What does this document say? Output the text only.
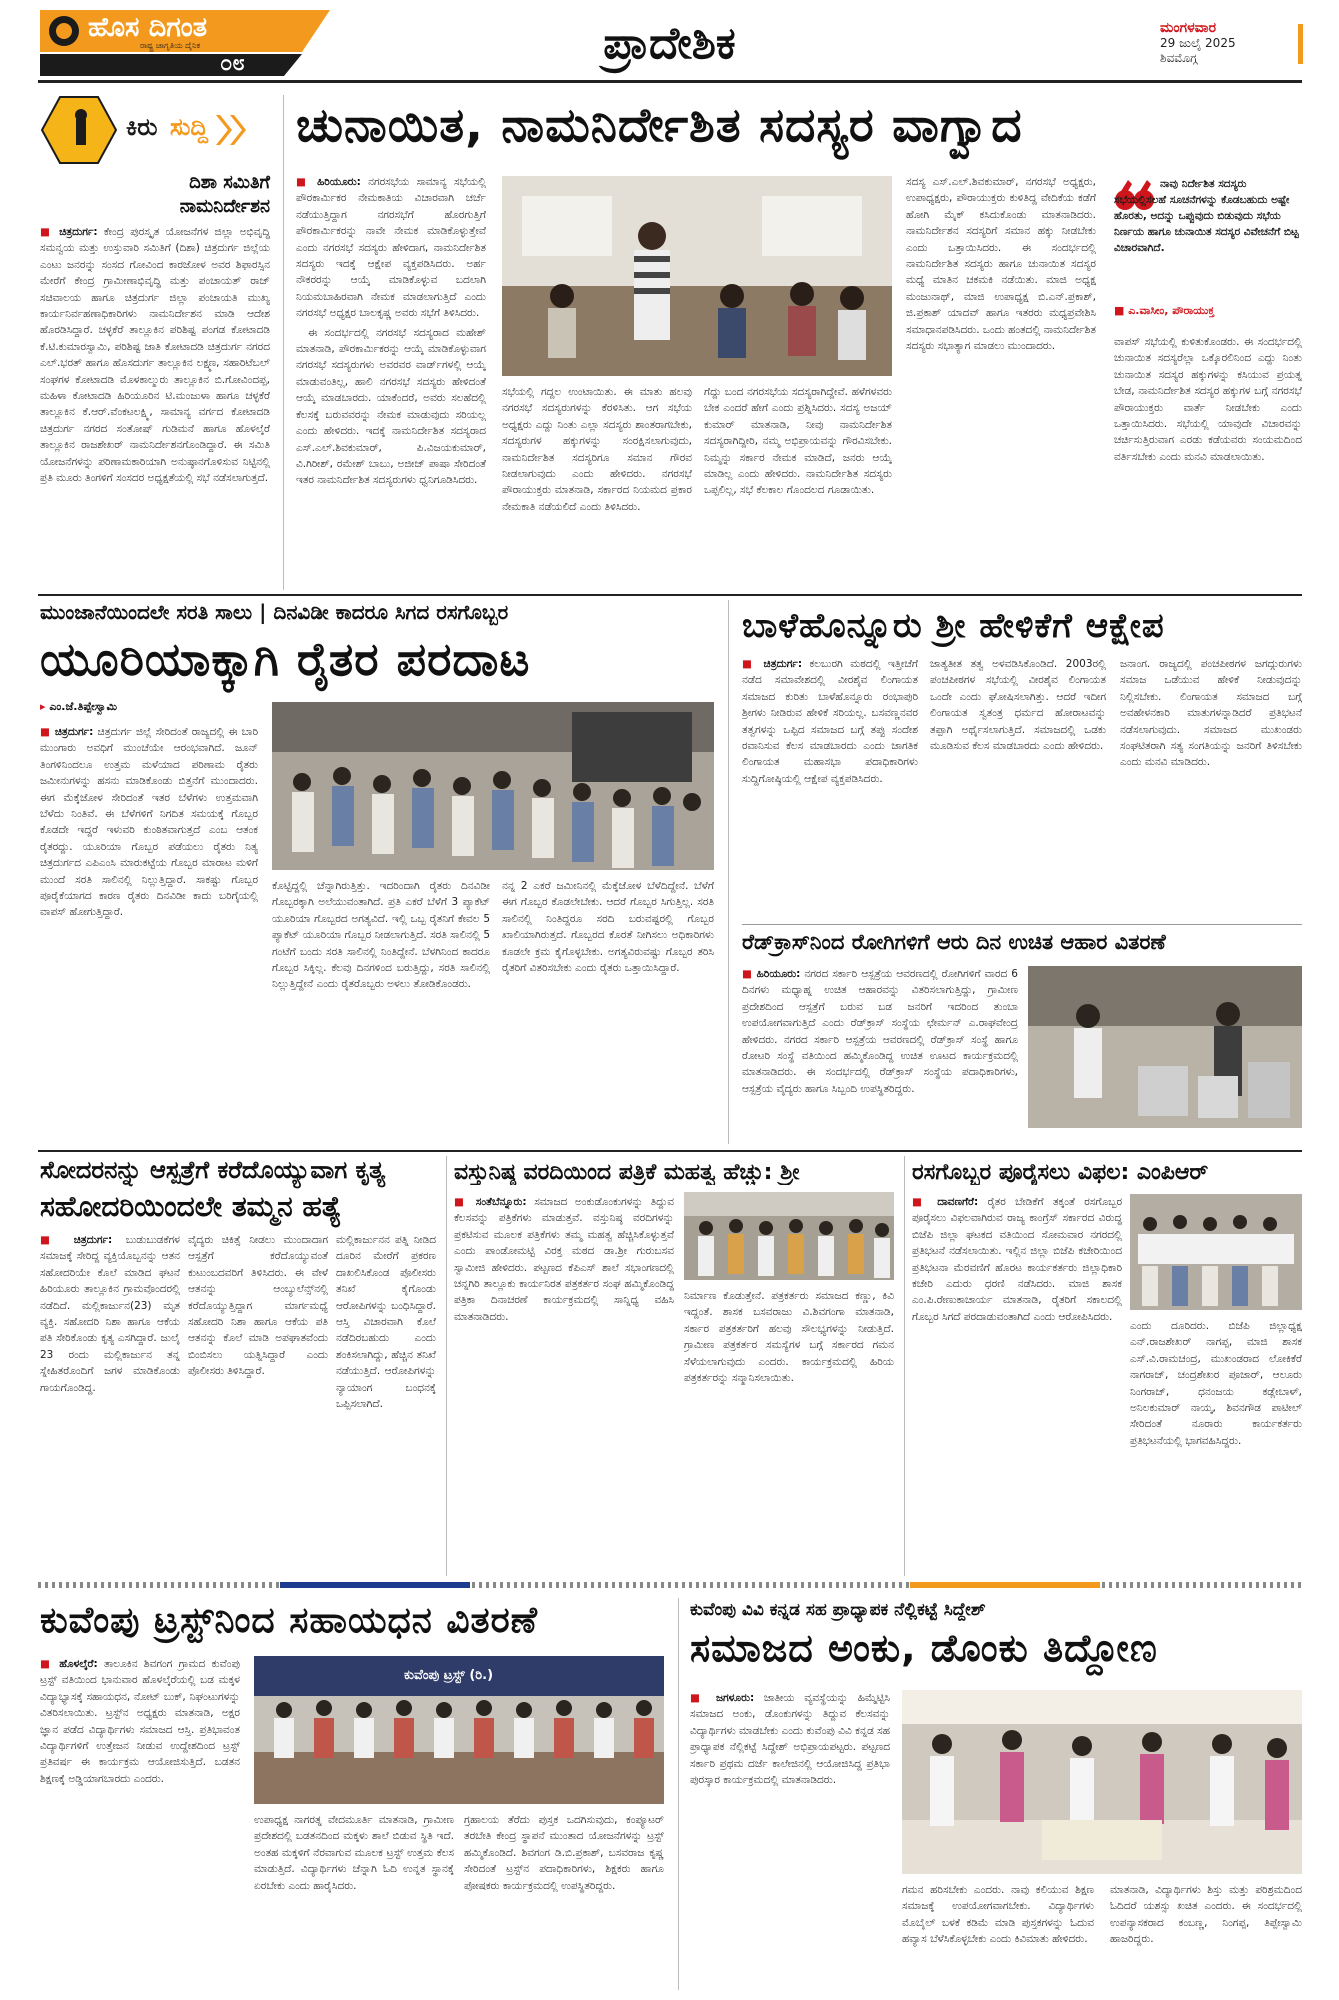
ಹೊಸ ದಿಗಂತ
ರಾಷ್ಟ್ರ ಜಾಗೃತಿಯ ದೈನಿಕ
೦೮	ಪ್ರಾದೇಶಿಕ	ಮಂಗಳವಾರ
29 ಜುಲೈ 2025
ಶಿವಮೊಗ್ಗ
ಕಿರು ಸುದ್ದಿ
ದಿಶಾ ಸಮಿತಿಗೆ
ನಾಮನಿರ್ದೇಶನ

■ ಚಿತ್ರದುರ್ಗ: ಕೇಂದ್ರ ಪುರಸ್ಕೃತ ಯೋಜನೆಗಳ ಜಿಲ್ಲಾ ಅಭಿವೃದ್ಧಿ ಸಮನ್ವಯ ಮತ್ತು ಉಸ್ತುವಾರಿ ಸಮಿತಿಗೆ (ದಿಶಾ) ಚಿತ್ರದುರ್ಗ ಜಿಲ್ಲೆಯ ಎಂಟು ಜನರನ್ನು ಸಂಸದ ಗೋವಿಂದ ಕಾರಜೋಳ ಅವರ ಶಿಫಾರಸ್ಸಿನ ಮೇರೆಗೆ ಕೇಂದ್ರ ಗ್ರಾಮೀಣಾಭಿವೃದ್ಧಿ ಮತ್ತು ಪಂಚಾಯತ್ ರಾಜ್ ಸಚಿವಾಲಯ ಹಾಗೂ ಚಿತ್ರದುರ್ಗ ಜಿಲ್ಲಾ ಪಂಚಾಯತಿ ಮುಖ್ಯ ಕಾರ್ಯನಿರ್ವಹಣಾಧಿಕಾರಿಗಳು ನಾಮನಿರ್ದೇಶನ ಮಾಡಿ ಆದೇಶ ಹೊರಡಿಸಿದ್ದಾರೆ. ಚಳ್ಳಕೆರೆ ತಾಲ್ಲೂಕಿನ ಪರಿಶಿಷ್ಟ ಪಂಗಡ ಕೋಟಾದಡಿ ಕೆ.ಟಿ.ಕುಮಾರಸ್ವಾಮಿ, ಪರಿಶಿಷ್ಟ ಜಾತಿ ಕೋಟಾದಡಿ ಚಿತ್ರದುರ್ಗ ನಗರದ ಎಲ್.ಭರತ್ ಹಾಗೂ ಹೊಸದುರ್ಗ ತಾಲ್ಲೂಕಿನ ಲಕ್ಷ್ಮಣ, ಸಹಾರಿಟೆಬಲ್ ಸಂಘಗಳ ಕೋಟಾದಡಿ ಮೊಳಕಾಲ್ಮುರು ತಾಲ್ಲೂಕಿನ ಬಿ.ಗೋವಿಂದಪ್ಪ, ಮಹಿಳಾ ಕೋಟಾದಡಿ ಹಿರಿಯೂರಿನ ಟಿ.ಮಂಜುಳಾ ಹಾಗೂ ಚಳ್ಳಕೆರೆ ತಾಲ್ಲೂಕಿನ ಕೆ.ಆರ್.ವೆಂಕಟಲಕ್ಷ್ಮಿ, ಸಾಮಾನ್ಯ ವರ್ಗದ ಕೋಟಾದಡಿ ಚಿತ್ರದುರ್ಗ ನಗರದ ಸಂತೋಷ್ ಗುಡಿಮನೆ ಹಾಗೂ ಹೊಳಲ್ಕೆರೆ ತಾಲ್ಲೂಕಿನ ರಾಜಶೇಖರ್ ನಾಮನಿರ್ದೇಶನಗೊಂಡಿದ್ದಾರೆ. ಈ ಸಮಿತಿ ಯೋಜನೆಗಳನ್ನು ಪರಿಣಾಮಕಾರಿಯಾಗಿ ಅನುಷ್ಠಾನಗೊಳಿಸುವ ನಿಟ್ಟಿನಲ್ಲಿ ಪ್ರತಿ ಮೂರು ತಿಂಗಳಿಗೆ ಸಂಸದರ ಅಧ್ಯಕ್ಷತೆಯಲ್ಲಿ ಸಭೆ ನಡೆಸಲಾಗುತ್ತದೆ.

ಚುನಾಯಿತ, ನಾಮನಿರ್ದೇಶಿತ ಸದಸ್ಯರ ವಾಗ್ವಾದ

■ ಹಿರಿಯೂರು: ನಗರಸಭೆಯ ಸಾಮಾನ್ಯ ಸಭೆಯಲ್ಲಿ ಪೌರಕಾರ್ಮಿಕರ ನೇಮಕಾತಿಯ ವಿಚಾರವಾಗಿ ಚರ್ಚೆ ನಡೆಯುತ್ತಿದ್ದಾಗ ನಗರಸಭೆಗೆ ಹೊರಗುತ್ತಿಗೆ ಪೌರಕಾರ್ಮಿಕರನ್ನು ನಾವೇ ನೇಮಕ ಮಾಡಿಕೊಳ್ಳುತ್ತೇವೆ ಎಂದು ನಗರಸಭೆ ಸದಸ್ಯರು ಹೇಳಿದಾಗ, ನಾಮನಿರ್ದೇಶಿತ ಸದಸ್ಯರು ಇದಕ್ಕೆ ಆಕ್ಷೇಪ ವ್ಯಕ್ತಪಡಿಸಿದರು. ಅರ್ಹ ನೌಕರರನ್ನು ಆಯ್ಕೆ ಮಾಡಿಕೊಳ್ಳುವ ಬದಲಾಗಿ ನಿಯಮಬಾಹಿರವಾಗಿ ನೇಮಕ ಮಾಡಲಾಗುತ್ತಿದೆ ಎಂದು ನಗರಸಭೆ ಅಧ್ಯಕ್ಷರ ಬಾಲಕೃಷ್ಣ ಅವರು ಸಭೆಗೆ ತಿಳಿಸಿದರು.

ಈ ಸಂದರ್ಭದಲ್ಲಿ ನಗರಸಭೆ ಸದಸ್ಯರಾದ ಮಹೇಶ್ ಮಾತನಾಡಿ, ಪೌರಕಾರ್ಮಿಕರನ್ನು ಆಯ್ಕೆ ಮಾಡಿಕೊಳ್ಳುವಾಗ ನಗರಸಭೆ ಸದಸ್ಯರುಗಳು ಅವರವರ ವಾರ್ಡ್‌ಗಳಲ್ಲಿ ಆಯ್ಕೆ ಮಾಡುವಂತಿಲ್ಲ, ಹಾಲಿ ನಗರಸಭೆ ಸದಸ್ಯರು ಹೇಳಿದಂತೆ ಆಯ್ಕೆ ಮಾಡಬಾರದು. ಯಾಕೆಂದರೆ, ಅವರು ಸಲಹೆದಲ್ಲಿ ಕೆಲಸಕ್ಕೆ ಬರುವವರನ್ನು ನೇಮಕ ಮಾಡುವುದು ಸರಿಯಲ್ಲ ಎಂದು ಹೇಳಿದರು. ಇದಕ್ಕೆ ನಾಮನಿರ್ದೇಶಿತ ಸದಸ್ಯರಾದ ಎಸ್.ಎಲ್.ಶಿವಕುಮಾರ್, ಪಿ.ವಿಜಯಕುಮಾರ್, ವಿ.ಗಿರೀಶ್, ರಮೇಶ್ ಬಾಬು, ಅಜೀಜ್ ಪಾಷಾ ಸೇರಿದಂತೆ ಇತರ ನಾಮನಿರ್ದೇಶಿತ ಸದಸ್ಯರುಗಳು ಧ್ವನಿಗೂಡಿಸಿದರು.

ಸಭೆಯಲ್ಲಿ ಗದ್ದಲ ಉಂಟಾಯಿತು. ಈ ಮಾತು ಹಲವು ನಗರಸಭೆ ಸದಸ್ಯರುಗಳನ್ನು ಕೆರಳಿಸಿತು. ಆಗ ಸಭೆಯ ಅಧ್ಯಕ್ಷರು ಎದ್ದು ನಿಂತು ಎಲ್ಲಾ ಸದಸ್ಯರು ಶಾಂತರಾಗಬೇಕು, ಸದಸ್ಯರುಗಳ ಹಕ್ಕುಗಳನ್ನು ಸಂರಕ್ಷಿಸಲಾಗುವುದು, ನಾಮನಿರ್ದೇಶಿತ ಸದಸ್ಯರಿಗೂ ಸಮಾನ ಗೌರವ ನೀಡಲಾಗುವುದು ಎಂದು ಹೇಳಿದರು. ನಗರಸಭೆ ಪೌರಾಯುಕ್ತರು ಮಾತನಾಡಿ, ಸರ್ಕಾರದ ನಿಯಮದ ಪ್ರಕಾರ ನೇಮಕಾತಿ ನಡೆಯಲಿದೆ ಎಂದು ತಿಳಿಸಿದರು.

ಗೆದ್ದು ಬಂದ ನಗರಸಭೆಯ ಸದಸ್ಯರಾಗಿದ್ದೇವೆ. ಹಳೆಗಳವರು ಬೇಕ ಎಂದರೆ ಹೇಗೆ ಎಂದು ಪ್ರಶ್ನಿಸಿದರು. ಸದಸ್ಯ ಅಜಯ್ ಕುಮಾರ್ ಮಾತನಾಡಿ, ನೀವು ನಾಮನಿರ್ದೇಶಿತ ಸದಸ್ಯರಾಗಿದ್ದೀರಿ, ನಮ್ಮ ಅಭಿಪ್ರಾಯವನ್ನು ಗೌರವಿಸಬೇಕು. ನಿಮ್ಮನ್ನು ಸರ್ಕಾರ ನೇಮಕ ಮಾಡಿದೆ, ಜನರು ಆಯ್ಕೆ ಮಾಡಿಲ್ಲ ಎಂದು ಹೇಳಿದರು. ನಾಮನಿರ್ದೇಶಿತ ಸದಸ್ಯರು ಒಪ್ಪಲಿಲ್ಲ, ಸಭೆ ಕೆಲಕಾಲ ಗೊಂದಲದ ಗೂಡಾಯಿತು.

ಸದಸ್ಯ ಎಸ್.ಎಲ್.ಶಿವಕುಮಾರ್, ನಗರಸಭೆ ಅಧ್ಯಕ್ಷರು, ಉಪಾಧ್ಯಕ್ಷರು, ಪೌರಾಯುಕ್ತರು ಕುಳಿತಿದ್ದ ವೇದಿಕೆಯ ಕಡೆಗೆ ಹೋಗಿ ಮೈಕ್ ಕಸಿದುಕೊಂಡು ಮಾತನಾಡಿದರು. ನಾಮನಿರ್ದೇಶನ ಸದಸ್ಯರಿಗೆ ಸಮಾನ ಹಕ್ಕು ನೀಡಬೇಕು ಎಂದು ಒತ್ತಾಯಿಸಿದರು. ಈ ಸಂದರ್ಭದಲ್ಲಿ ನಾಮನಿರ್ದೇಶಿತ ಸದಸ್ಯರು ಹಾಗೂ ಚುನಾಯಿತ ಸದಸ್ಯರ ಮಧ್ಯೆ ಮಾತಿನ ಚಕಮಕಿ ನಡೆಯಿತು. ಮಾಜಿ ಅಧ್ಯಕ್ಷ ಮಂಜುನಾಥ್, ಮಾಜಿ ಉಪಾಧ್ಯಕ್ಷ ಬಿ.ಎನ್.ಪ್ರಕಾಶ್, ಜಿ.ಪ್ರಕಾಶ್ ಯಾದವ್ ಹಾಗೂ ಇತರರು ಮಧ್ಯಪ್ರವೇಶಿಸಿ ಸಮಾಧಾನಪಡಿಸಿದರು. ಒಂದು ಹಂತದಲ್ಲಿ ನಾಮನಿರ್ದೇಶಿತ ಸದಸ್ಯರು ಸಭಾತ್ಯಾಗ ಮಾಡಲು ಮುಂದಾದರು.

ನಾವು ನಿರ್ದೇಶಿತ ಸದಸ್ಯರು ಸಭೆಯಲ್ಲಿಸಲಹೆ ಸೂಚನೆಗಳನ್ನು ಕೊಡಬಹುದು ಅಷ್ಟೇ ಹೊರತು, ಅದನ್ನು ಒಪ್ಪುವುದು ಬಿಡುವುದು ಸಭೆಯ ನಿರ್ಣಯ ಹಾಗೂ ಚುನಾಯಿತ ಸದಸ್ಯರ ವಿವೇಚನೆಗೆ ಬಿಟ್ಟ ವಿಚಾರವಾಗಿದೆ.
■ ಎ.ವಾಸೀಂ, ಪೌರಾಯುಕ್ತ

ವಾಪಸ್ ಸಭೆಯಲ್ಲಿ ಕುಳಿತುಕೊಂಡರು. ಈ ಸಂದರ್ಭದಲ್ಲಿ ಚುನಾಯಿತ ಸದಸ್ಯರೆಲ್ಲಾ ಒಕ್ಕೊರಲಿನಿಂದ ಎದ್ದು ನಿಂತು ಚುನಾಯಿತ ಸದಸ್ಯರ ಹಕ್ಕುಗಳನ್ನು ಕಸಿಯುವ ಪ್ರಯತ್ನ ಬೇಡ, ನಾಮನಿರ್ದೇಶಿತ ಸದಸ್ಯರ ಹಕ್ಕುಗಳ ಬಗ್ಗೆ ನಗರಸಭೆ ಪೌರಾಯುಕ್ತರು ವಾರ್ತೆ ನೀಡಬೇಕು ಎಂದು ಒತ್ತಾಯಿಸಿದರು. ಸಭೆಯಲ್ಲಿ ಯಾವುದೇ ವಿಚಾರವನ್ನು ಚರ್ಚಿಸುತ್ತಿರುವಾಗ ಎರಡು ಕಡೆಯವರು ಸಂಯಮದಿಂದ ವರ್ತಿಸಬೇಕು ಎಂದು ಮನವಿ ಮಾಡಲಾಯಿತು.

ಮುಂಜಾನೆಯಿಂದಲೇ ಸರತಿ ಸಾಲು | ದಿನವಿಡೀ ಕಾದರೂ ಸಿಗದ ರಸಗೊಬ್ಬರ
ಯೂರಿಯಾಕ್ಕಾಗಿ ರೈತರ ಪರದಾಟ
▸ ಎಂ.ಜೆ.ತಿಪ್ಪೇಸ್ವಾಮಿ

■ ಚಿತ್ರದುರ್ಗ: ಚಿತ್ರದುರ್ಗ ಜಿಲ್ಲೆ ಸೇರಿದಂತೆ ರಾಜ್ಯದಲ್ಲಿ ಈ ಬಾರಿ ಮುಂಗಾರು ಅವಧಿಗೆ ಮುಂಚೆಯೇ ಆರಂಭವಾಗಿದೆ. ಜೂನ್ ತಿಂಗಳಿನಿಂದಲೂ ಉತ್ತಮ ಮಳೆಯಾದ ಪರಿಣಾಮ ರೈತರು ಜಮೀನುಗಳನ್ನು ಹಸನು ಮಾಡಿಕೊಂಡು ಬಿತ್ತನೆಗೆ ಮುಂದಾದರು. ಈಗ ಮೆಕ್ಕೆಜೋಳ ಸೇರಿದಂತೆ ಇತರ ಬೆಳೆಗಳು ಉತ್ತಮವಾಗಿ ಬೆಳೆದು ನಿಂತಿವೆ. ಈ ಬೆಳೆಗಳಿಗೆ ನಿಗದಿತ ಸಮಯಕ್ಕೆ ಗೊಬ್ಬರ ಕೊಡದೇ ಇದ್ದರೆ ಇಳುವರಿ ಕುಂಠಿತವಾಗುತ್ತದೆ ಎಂಬ ಆತಂಕ ರೈತರದ್ದು. ಯೂರಿಯಾ ಗೊಬ್ಬರ ಪಡೆಯಲು ರೈತರು ನಿತ್ಯ ಚಿತ್ರದುರ್ಗದ ಎಪಿಎಂಸಿ ಮಾರುಕಟ್ಟೆಯ ಗೊಬ್ಬರ ಮಾರಾಟ ಮಳಿಗೆ ಮುಂದೆ ಸರತಿ ಸಾಲಿನಲ್ಲಿ ನಿಲ್ಲುತ್ತಿದ್ದಾರೆ. ಸಾಕಷ್ಟು ಗೊಬ್ಬರ ಪೂರೈಕೆಯಾಗದ ಕಾರಣ ರೈತರು ದಿನವಿಡೀ ಕಾದು ಬರಿಗೈಯಲ್ಲಿ ವಾಪಸ್ ಹೋಗುತ್ತಿದ್ದಾರೆ.

ಕೊಟ್ಟಿದ್ದಲ್ಲಿ ಚೆನ್ನಾಗಿರುತ್ತಿತ್ತು. ಇದರಿಂದಾಗಿ ರೈತರು ದಿನವಿಡೀ ಗೊಬ್ಬರಕ್ಕಾಗಿ ಅಲೆಯುವಂತಾಗಿದೆ. ಪ್ರತಿ ಎಕರೆ ಬೆಳೆಗೆ 3 ಪ್ಯಾಕೆಟ್ ಯೂರಿಯಾ ಗೊಬ್ಬರದ ಅಗತ್ಯವಿದೆ. ಇಲ್ಲಿ ಒಬ್ಬ ರೈತನಿಗೆ ಕೇವಲ 5 ಪ್ಯಾಕೆಟ್ ಯೂರಿಯಾ ಗೊಬ್ಬರ ನೀಡಲಾಗುತ್ತಿದೆ. ಸರತಿ ಸಾಲಿನಲ್ಲಿ 5 ಗಂಟೆಗೆ ಬಂದು ಸರತಿ ಸಾಲಿನಲ್ಲಿ ನಿಂತಿದ್ದೇನೆ. ಬೆಳಗಿನಿಂದ ಕಾದರೂ ಗೊಬ್ಬರ ಸಿಕ್ಕಿಲ್ಲ. ಕೆಲವು ದಿನಗಳಿಂದ ಬರುತ್ತಿದ್ದು, ಸರತಿ ಸಾಲಿನಲ್ಲಿ ನಿಲ್ಲುತ್ತಿದ್ದೇನೆ ಎಂದು ರೈತರೊಬ್ಬರು ಅಳಲು ತೋಡಿಕೊಂಡರು.

ನನ್ನ 2 ಎಕರೆ ಜಮೀನಿನಲ್ಲಿ ಮೆಕ್ಕೆಜೋಳ ಬೆಳೆದಿದ್ದೇನೆ. ಬೆಳೆಗೆ ಈಗ ಗೊಬ್ಬರ ಕೊಡಲೇಬೇಕು. ಆದರೆ ಗೊಬ್ಬರ ಸಿಗುತ್ತಿಲ್ಲ. ಸರತಿ ಸಾಲಿನಲ್ಲಿ ನಿಂತಿದ್ದರೂ ಸರದಿ ಬರುವಷ್ಟರಲ್ಲಿ ಗೊಬ್ಬರ ಖಾಲಿಯಾಗಿರುತ್ತದೆ. ಗೊಬ್ಬರದ ಕೊರತೆ ನೀಗಿಸಲು ಅಧಿಕಾರಿಗಳು ಕೂಡಲೇ ಕ್ರಮ ಕೈಗೊಳ್ಳಬೇಕು. ಅಗತ್ಯವಿರುವಷ್ಟು ಗೊಬ್ಬರ ತರಿಸಿ ರೈತರಿಗೆ ವಿತರಿಸಬೇಕು ಎಂದು ರೈತರು ಒತ್ತಾಯಿಸಿದ್ದಾರೆ.

ಬಾಳೆಹೊನ್ನೂರು ಶ್ರೀ ಹೇಳಿಕೆಗೆ ಆಕ್ಷೇಪ

■ ಚಿತ್ರದುರ್ಗ: ಕಲಬುರಗಿ ಮಠದಲ್ಲಿ ಇತ್ತೀಚೆಗೆ ನಡೆದ ಸಮಾವೇಶದಲ್ಲಿ ವೀರಶೈವ ಲಿಂಗಾಯತ ಸಮಾಜದ ಕುರಿತು ಬಾಳೆಹೊನ್ನೂರು ರಂಭಾಪುರಿ ಶ್ರೀಗಳು ನೀಡಿರುವ ಹೇಳಿಕೆ ಸರಿಯಲ್ಲ. ಬಸವಣ್ಣನವರ ತತ್ವಗಳನ್ನು ಒಪ್ಪಿದ ಸಮಾಜದ ಬಗ್ಗೆ ತಪ್ಪು ಸಂದೇಶ ರವಾನಿಸುವ ಕೆಲಸ ಮಾಡಬಾರದು ಎಂದು ಜಾಗತಿಕ ಲಿಂಗಾಯತ ಮಹಾಸಭಾ ಪದಾಧಿಕಾರಿಗಳು ಸುದ್ದಿಗೋಷ್ಠಿಯಲ್ಲಿ ಆಕ್ಷೇಪ ವ್ಯಕ್ತಪಡಿಸಿದರು.

ಜಾತ್ಯತೀತ ತತ್ವ ಅಳವಡಿಸಿಕೊಂಡಿದೆ. 2003ರಲ್ಲಿ ಪಂಚಪೀಠಗಳ ಸಭೆಯಲ್ಲಿ ವೀರಶೈವ ಲಿಂಗಾಯತ ಒಂದೇ ಎಂದು ಘೋಷಿಸಲಾಗಿತ್ತು. ಆದರೆ ಇದೀಗ ಲಿಂಗಾಯತ ಸ್ವತಂತ್ರ ಧರ್ಮದ ಹೋರಾಟವನ್ನು ತಪ್ಪಾಗಿ ಅರ್ಥೈಸಲಾಗುತ್ತಿದೆ. ಸಮಾಜದಲ್ಲಿ ಒಡಕು ಮೂಡಿಸುವ ಕೆಲಸ ಮಾಡಬಾರದು ಎಂದು ಹೇಳಿದರು.

ಜನಾಂಗ. ರಾಜ್ಯದಲ್ಲಿ ಪಂಚಪೀಠಗಳ ಜಗದ್ಗುರುಗಳು ಸಮಾಜ ಒಡೆಯುವ ಹೇಳಿಕೆ ನೀಡುವುದನ್ನು ನಿಲ್ಲಿಸಬೇಕು. ಲಿಂಗಾಯತ ಸಮಾಜದ ಬಗ್ಗೆ ಅವಹೇಳನಕಾರಿ ಮಾತುಗಳನ್ನಾಡಿದರೆ ಪ್ರತಿಭಟನೆ ನಡೆಸಲಾಗುವುದು. ಸಮಾಜದ ಮುಖಂಡರು ಸಂಘಟಿತರಾಗಿ ಸತ್ಯ ಸಂಗತಿಯನ್ನು ಜನರಿಗೆ ತಿಳಿಸಬೇಕು ಎಂದು ಮನವಿ ಮಾಡಿದರು.

ರೆಡ್‌ಕ್ರಾಸ್‌ನಿಂದ ರೋಗಿಗಳಿಗೆ ಆರು ದಿನ ಉಚಿತ ಆಹಾರ ವಿತರಣೆ

■ ಹಿರಿಯೂರು: ನಗರದ ಸರ್ಕಾರಿ ಆಸ್ಪತ್ರೆಯ ಆವರಣದಲ್ಲಿ ರೋಗಿಗಳಿಗೆ ವಾರದ 6 ದಿನಗಳು ಮಧ್ಯಾಹ್ನ ಉಚಿತ ಆಹಾರವನ್ನು ವಿತರಿಸಲಾಗುತ್ತಿದ್ದು, ಗ್ರಾಮೀಣ ಪ್ರದೇಶದಿಂದ ಆಸ್ಪತ್ರೆಗೆ ಬರುವ ಬಡ ಜನರಿಗೆ ಇದರಿಂದ ತುಂಬಾ ಉಪಯೋಗವಾಗುತ್ತಿದೆ ಎಂದು ರೆಡ್‌ಕ್ರಾಸ್ ಸಂಸ್ಥೆಯ ಛೇರ್ಮನ್ ಎ.ರಾಘವೇಂದ್ರ ಹೇಳಿದರು. ನಗರದ ಸರ್ಕಾರಿ ಆಸ್ಪತ್ರೆಯ ಆವರಣದಲ್ಲಿ ರೆಡ್‌ಕ್ರಾಸ್ ಸಂಸ್ಥೆ ಹಾಗೂ ರೋಟರಿ ಸಂಸ್ಥೆ ವತಿಯಿಂದ ಹಮ್ಮಿಕೊಂಡಿದ್ದ ಉಚಿತ ಊಟದ ಕಾರ್ಯಕ್ರಮದಲ್ಲಿ ಮಾತನಾಡಿದರು. ಈ ಸಂದರ್ಭದಲ್ಲಿ ರೆಡ್‌ಕ್ರಾಸ್ ಸಂಸ್ಥೆಯ ಪದಾಧಿಕಾರಿಗಳು, ಆಸ್ಪತ್ರೆಯ ವೈದ್ಯರು ಹಾಗೂ ಸಿಬ್ಬಂದಿ ಉಪಸ್ಥಿತರಿದ್ದರು.

ಸೋದರನನ್ನು ಆಸ್ಪತ್ರೆಗೆ ಕರೆದೊಯ್ಯುವಾಗ ಕೃತ್ಯ
ಸಹೋದರಿಯಿಂದಲೇ ತಮ್ಮನ ಹತ್ಯೆ

■ ಚಿತ್ರದುರ್ಗ: ಬುಡುಬುಡಕೆಗಳ ಸಮಾಜಕ್ಕೆ ಸೇರಿದ್ದ ವ್ಯಕ್ತಿಯೊಬ್ಬನನ್ನು ಆತನ ಸಹೋದರಿಯೇ ಕೊಲೆ ಮಾಡಿದ ಘಟನೆ ಹಿರಿಯೂರು ತಾಲ್ಲೂಕಿನ ಗ್ರಾಮವೊಂದರಲ್ಲಿ ನಡೆದಿದೆ. ಮಲ್ಲಿಕಾರ್ಜುನ(23) ಮೃತ ವ್ಯಕ್ತಿ. ಸಹೋದರಿ ನಿಶಾ ಹಾಗೂ ಆಕೆಯ ಪತಿ ಸೇರಿಕೊಂಡು ಕೃತ್ಯ ಎಸಗಿದ್ದಾರೆ. ಜುಲೈ 23 ರಂದು ಮಲ್ಲಿಕಾರ್ಜುನ ತನ್ನ ಸ್ನೇಹಿತರೊಂದಿಗೆ ಜಗಳ ಮಾಡಿಕೊಂಡು ಗಾಯಗೊಂಡಿದ್ದ.

ವೈದ್ಯರು ಚಿಕಿತ್ಸೆ ನೀಡಲು ಮುಂದಾದಾಗ ಆಸ್ಪತ್ರೆಗೆ ಕರೆದೊಯ್ಯುವಂತೆ ಕುಟುಂಬದವರಿಗೆ ತಿಳಿಸಿದರು. ಈ ವೇಳೆ ಆತನನ್ನು ಆಂಬ್ಯುಲೆನ್ಸ್‌ನಲ್ಲಿ ಕರೆದೊಯ್ಯುತ್ತಿದ್ದಾಗ ಮಾರ್ಗಮಧ್ಯೆ ಸಹೋದರಿ ನಿಶಾ ಹಾಗೂ ಆಕೆಯ ಪತಿ ಆತನನ್ನು ಕೊಲೆ ಮಾಡಿ ಅಪಘಾತವೆಂದು ಬಿಂಬಿಸಲು ಯತ್ನಿಸಿದ್ದಾರೆ ಎಂದು ಪೊಲೀಸರು ತಿಳಿಸಿದ್ದಾರೆ.

ಮಲ್ಲಿಕಾರ್ಜುನನ ಪತ್ನಿ ನೀಡಿದ ದೂರಿನ ಮೇರೆಗೆ ಪ್ರಕರಣ ದಾಖಲಿಸಿಕೊಂಡ ಪೊಲೀಸರು ತನಿಖೆ ಕೈಗೊಂಡು ಆರೋಪಿಗಳನ್ನು ಬಂಧಿಸಿದ್ದಾರೆ. ಆಸ್ತಿ ವಿಚಾರವಾಗಿ ಕೊಲೆ ನಡೆದಿರಬಹುದು ಎಂದು ಶಂಕಿಸಲಾಗಿದ್ದು, ಹೆಚ್ಚಿನ ತನಿಖೆ ನಡೆಯುತ್ತಿದೆ. ಆರೋಪಿಗಳನ್ನು ನ್ಯಾಯಾಂಗ ಬಂಧನಕ್ಕೆ ಒಪ್ಪಿಸಲಾಗಿದೆ.

ವಸ್ತುನಿಷ್ಠ ವರದಿಯಿಂದ ಪತ್ರಿಕೆ ಮಹತ್ವ ಹೆಚ್ಚು: ಶ್ರೀ

■ ಸಂತೆಬೆನ್ನೂರು: ಸಮಾಜದ ಅಂಕುಡೊಂಕುಗಳನ್ನು ತಿದ್ದುವ ಕೆಲಸವನ್ನು ಪತ್ರಿಕೆಗಳು ಮಾಡುತ್ತವೆ. ವಸ್ತುನಿಷ್ಠ ವರದಿಗಳನ್ನು ಪ್ರಕಟಿಸುವ ಮೂಲಕ ಪತ್ರಿಕೆಗಳು ತಮ್ಮ ಮಹತ್ವ ಹೆಚ್ಚಿಸಿಕೊಳ್ಳುತ್ತವೆ ಎಂದು ಪಾಂಡೋಮಟ್ಟಿ ವಿರಕ್ತ ಮಠದ ಡಾ.ಶ್ರೀ ಗುರುಬಸವ ಸ್ವಾಮೀಜಿ ಹೇಳಿದರು. ಪಟ್ಟಣದ ಕೆಪಿಎಸ್ ಶಾಲೆ ಸಭಾಂಗಣದಲ್ಲಿ ಚನ್ನಗಿರಿ ತಾಲ್ಲೂಕು ಕಾರ್ಯನಿರತ ಪತ್ರಕರ್ತರ ಸಂಘ ಹಮ್ಮಿಕೊಂಡಿದ್ದ ಪತ್ರಿಕಾ ದಿನಾಚರಣೆ ಕಾರ್ಯಕ್ರಮದಲ್ಲಿ ಸಾನ್ನಿಧ್ಯ ವಹಿಸಿ ಮಾತನಾಡಿದರು.

ನಿರ್ಮಾಣ ಕೊಡುತ್ತೇನೆ. ಪತ್ರಕರ್ತರು ಸಮಾಜದ ಕಣ್ಣು, ಕಿವಿ ಇದ್ದಂತೆ. ಶಾಸಕ ಬಸವರಾಜು ವಿ.ಶಿವಗಂಗಾ ಮಾತನಾಡಿ, ಸರ್ಕಾರ ಪತ್ರಕರ್ತರಿಗೆ ಹಲವು ಸೌಲಭ್ಯಗಳನ್ನು ನೀಡುತ್ತಿದೆ. ಗ್ರಾಮೀಣ ಪತ್ರಕರ್ತರ ಸಮಸ್ಯೆಗಳ ಬಗ್ಗೆ ಸರ್ಕಾರದ ಗಮನ ಸೆಳೆಯಲಾಗುವುದು ಎಂದರು. ಕಾರ್ಯಕ್ರಮದಲ್ಲಿ ಹಿರಿಯ ಪತ್ರಕರ್ತರನ್ನು ಸನ್ಮಾನಿಸಲಾಯಿತು.

ರಸಗೊಬ್ಬರ ಪೂರೈಸಲು ವಿಫಲ: ಎಂಪಿಆರ್

■ ದಾವಣಗೆರೆ: ರೈತರ ಬೇಡಿಕೆಗೆ ತಕ್ಕಂತೆ ರಸಗೊಬ್ಬರ ಪೂರೈಸಲು ವಿಫಲವಾಗಿರುವ ರಾಜ್ಯ ಕಾಂಗ್ರೆಸ್ ಸರ್ಕಾರದ ವಿರುದ್ಧ ಬಿಜೆಪಿ ಜಿಲ್ಲಾ ಘಟಕದ ವತಿಯಿಂದ ಸೋಮವಾರ ನಗರದಲ್ಲಿ ಪ್ರತಿಭಟನೆ ನಡೆಸಲಾಯಿತು. ಇಲ್ಲಿನ ಜಿಲ್ಲಾ ಬಿಜೆಪಿ ಕಚೇರಿಯಿಂದ ಪ್ರತಿಭಟನಾ ಮೆರವಣಿಗೆ ಹೊರಟ ಕಾರ್ಯಕರ್ತರು ಜಿಲ್ಲಾಧಿಕಾರಿ ಕಚೇರಿ ಎದುರು ಧರಣಿ ನಡೆಸಿದರು. ಮಾಜಿ ಶಾಸಕ ಎಂ.ಪಿ.ರೇಣುಕಾಚಾರ್ಯ ಮಾತನಾಡಿ, ರೈತರಿಗೆ ಸಕಾಲದಲ್ಲಿ ಗೊಬ್ಬರ ಸಿಗದೆ ಪರದಾಡುವಂತಾಗಿದೆ ಎಂದು ಆರೋಪಿಸಿದರು.

ಎಂದು ದೂರಿದರು. ಬಿಜೆಪಿ ಜಿಲ್ಲಾಧ್ಯಕ್ಷ ಎನ್.ರಾಜಶೇಖರ್ ನಾಗಪ್ಪ, ಮಾಜಿ ಶಾಸಕ ಎಸ್.ವಿ.ರಾಮಚಂದ್ರ, ಮುಖಂಡರಾದ ಲೋಕಿಕೆರೆ ನಾಗರಾಜ್, ಚಂದ್ರಶೇಖರ ಪೂಜಾರ್, ಆಲೂರು ನಿಂಗರಾಜ್, ಧನಂಜಯ ಕಡ್ಲೇಬಾಳ್, ಅನಿಲಕುಮಾರ್ ನಾಯ್ಕ, ಶಿವನಗೌಡ ಪಾಟೀಲ್ ಸೇರಿದಂತೆ ನೂರಾರು ಕಾರ್ಯಕರ್ತರು ಪ್ರತಿಭಟನೆಯಲ್ಲಿ ಭಾಗವಹಿಸಿದ್ದರು.

ಕುವೆಂಪು ಟ್ರಸ್ಟ್‌ನಿಂದ ಸಹಾಯಧನ ವಿತರಣೆ

■ ಹೊಳಲ್ಕೆರೆ: ತಾಲೂಕಿನ ಶಿವಗಂಗ ಗ್ರಾಮದ ಕುವೆಂಪು ಟ್ರಸ್ಟ್ ವತಿಯಿಂದ ಭಾನುವಾರ ಹೊಳಲ್ಕೆರೆಯಲ್ಲಿ ಬಡ ಮಕ್ಕಳ ವಿದ್ಯಾಭ್ಯಾಸಕ್ಕೆ ಸಹಾಯಧನ, ನೋಟ್ ಬುಕ್, ನಿಘಂಟುಗಳನ್ನು ವಿತರಿಸಲಾಯಿತು. ಟ್ರಸ್ಟ್‌ನ ಅಧ್ಯಕ್ಷರು ಮಾತನಾಡಿ, ಅಕ್ಷರ ಜ್ಞಾನ ಪಡೆದ ವಿದ್ಯಾರ್ಥಿಗಳು ಸಮಾಜದ ಆಸ್ತಿ. ಪ್ರತಿಭಾವಂತ ವಿದ್ಯಾರ್ಥಿಗಳಿಗೆ ಉತ್ತೇಜನ ನೀಡುವ ಉದ್ದೇಶದಿಂದ ಟ್ರಸ್ಟ್ ಪ್ರತಿವರ್ಷ ಈ ಕಾರ್ಯಕ್ರಮ ಆಯೋಜಿಸುತ್ತಿದೆ. ಬಡತನ ಶಿಕ್ಷಣಕ್ಕೆ ಅಡ್ಡಿಯಾಗಬಾರದು ಎಂದರು.

ಕುವೆಂಪು ಟ್ರಸ್ಟ್ (ರಿ.)

ಉಪಾಧ್ಯಕ್ಷ ನಾಗರತ್ನ ವೇದಮೂರ್ತಿ ಮಾತನಾಡಿ, ಗ್ರಾಮೀಣ ಪ್ರದೇಶದಲ್ಲಿ ಬಡತನದಿಂದ ಮಕ್ಕಳು ಶಾಲೆ ಬಿಡುವ ಸ್ಥಿತಿ ಇದೆ. ಅಂತಹ ಮಕ್ಕಳಿಗೆ ನೆರವಾಗುವ ಮೂಲಕ ಟ್ರಸ್ಟ್ ಉತ್ತಮ ಕೆಲಸ ಮಾಡುತ್ತಿದೆ. ವಿದ್ಯಾರ್ಥಿಗಳು ಚೆನ್ನಾಗಿ ಓದಿ ಉನ್ನತ ಸ್ಥಾನಕ್ಕೆ ಏರಬೇಕು ಎಂದು ಹಾರೈಸಿದರು.

ಗ್ರಹಾಲಯ ತೆರೆದು ಪುಸ್ತಕ ಒದಗಿಸುವುದು, ಕಂಪ್ಯೂಟರ್ ತರಬೇತಿ ಕೇಂದ್ರ ಸ್ಥಾಪನೆ ಮುಂತಾದ ಯೋಜನೆಗಳನ್ನು ಟ್ರಸ್ಟ್ ಹಮ್ಮಿಕೊಂಡಿದೆ. ಶಿವಗಂಗ ಡಿ.ಬಿ.ಪ್ರಕಾಶ್, ಬಸವರಾಜ ಕೃಷ್ಣ ಸೇರಿದಂತೆ ಟ್ರಸ್ಟ್‌ನ ಪದಾಧಿಕಾರಿಗಳು, ಶಿಕ್ಷಕರು ಹಾಗೂ ಪೋಷಕರು ಕಾರ್ಯಕ್ರಮದಲ್ಲಿ ಉಪಸ್ಥಿತರಿದ್ದರು.

ಕುವೆಂಪು ವಿವಿ ಕನ್ನಡ ಸಹ ಪ್ರಾಧ್ಯಾಪಕ ನೆಲ್ಲಿಕಟ್ಟೆ ಸಿದ್ದೇಶ್
ಸಮಾಜದ ಅಂಕು, ಡೊಂಕು ತಿದ್ದೋಣ

■ ಜಗಳೂರು: ಜಾತೀಯ ವ್ಯವಸ್ಥೆಯನ್ನು ಹಿಮ್ಮೆಟ್ಟಿಸಿ ಸಮಾಜದ ಅಂಕು, ಡೊಂಕುಗಳನ್ನು ತಿದ್ದುವ ಕೆಲಸವನ್ನು ವಿದ್ಯಾರ್ಥಿಗಳು ಮಾಡಬೇಕು ಎಂದು ಕುವೆಂಪು ವಿವಿ ಕನ್ನಡ ಸಹ ಪ್ರಾಧ್ಯಾಪಕ ನೆಲ್ಲಿಕಟ್ಟೆ ಸಿದ್ದೇಶ್ ಅಭಿಪ್ರಾಯಪಟ್ಟರು. ಪಟ್ಟಣದ ಸರ್ಕಾರಿ ಪ್ರಥಮ ದರ್ಜೆ ಕಾಲೇಜಿನಲ್ಲಿ ಆಯೋಜಿಸಿದ್ದ ಪ್ರತಿಭಾ ಪುರಸ್ಕಾರ ಕಾರ್ಯಕ್ರಮದಲ್ಲಿ ಮಾತನಾಡಿದರು.

ಗಮನ ಹರಿಸಬೇಕು ಎಂದರು. ನಾವು ಕಲಿಯುವ ಶಿಕ್ಷಣ ಸಮಾಜಕ್ಕೆ ಉಪಯೋಗವಾಗಬೇಕು. ವಿದ್ಯಾರ್ಥಿಗಳು ಮೊಬೈಲ್ ಬಳಕೆ ಕಡಿಮೆ ಮಾಡಿ ಪುಸ್ತಕಗಳನ್ನು ಓದುವ ಹವ್ಯಾಸ ಬೆಳೆಸಿಕೊಳ್ಳಬೇಕು ಎಂದು ಕಿವಿಮಾತು ಹೇಳಿದರು.

ಮಾತನಾಡಿ, ವಿದ್ಯಾರ್ಥಿಗಳು ಶಿಸ್ತು ಮತ್ತು ಪರಿಶ್ರಮದಿಂದ ಓದಿದರೆ ಯಶಸ್ಸು ಖಚಿತ ಎಂದರು. ಈ ಸಂದರ್ಭದಲ್ಲಿ ಉಪನ್ಯಾಸಕರಾದ ಕಂಬಣ್ಣ, ನಿಂಗಪ್ಪ, ತಿಪ್ಪೇಸ್ವಾಮಿ ಹಾಜರಿದ್ದರು.
